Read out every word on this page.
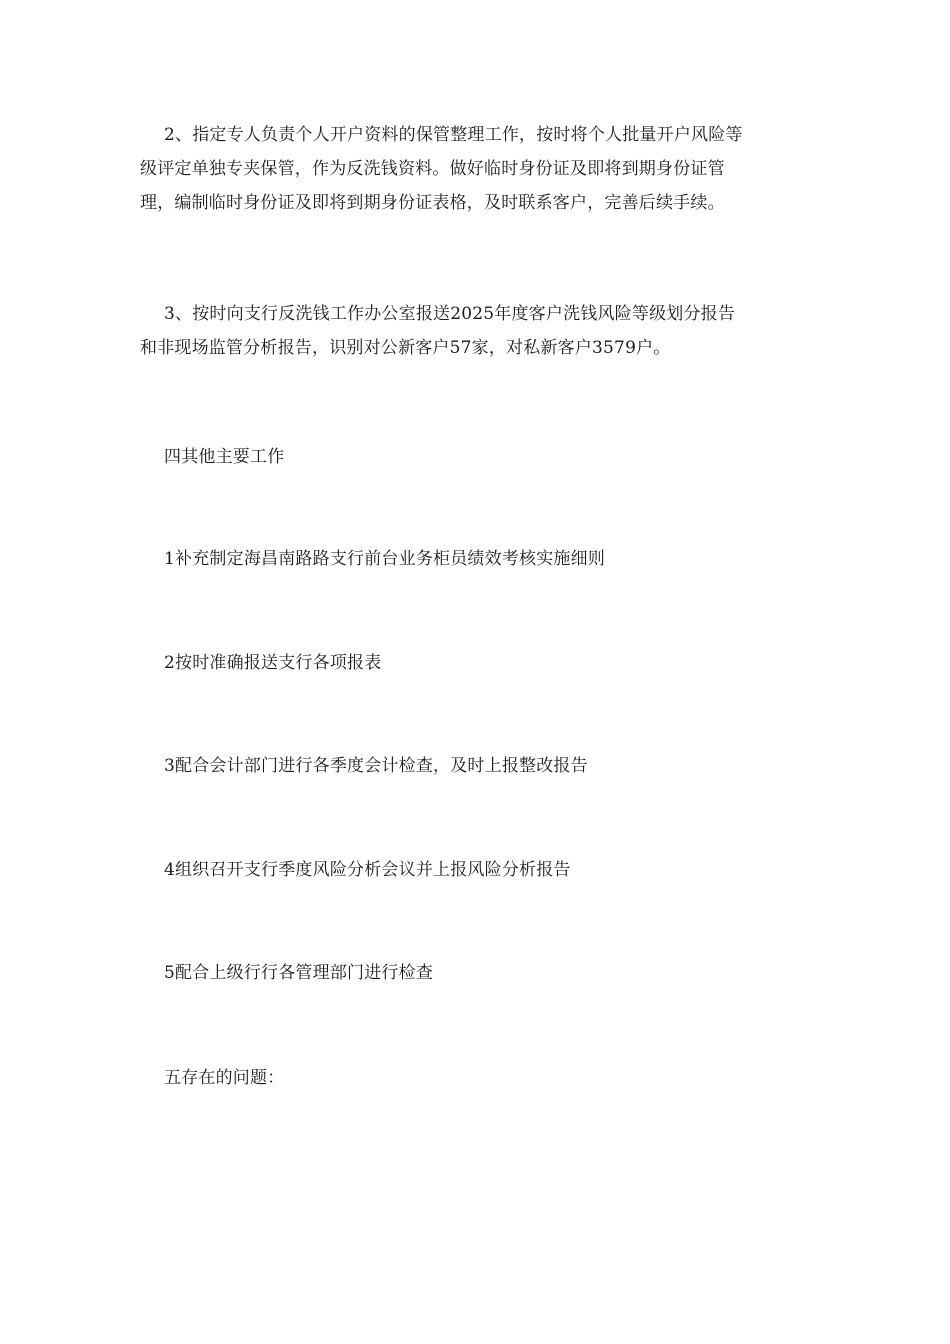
2、指定专人负责个人开户资料的保管整理工作，按时将个人批量开户风险等
级评定单独专夹保管，作为反洗钱资料。做好临时身份证及即将到期身份证管
理，编制临时身份证及即将到期身份证表格，及时联系客户，完善后续手续。
3、按时向支行反洗钱工作办公室报送2025年度客户洗钱风险等级划分报告
和非现场监管分析报告，识别对公新客户57家，对私新客户3579户。
四其他主要工作
1补充制定海昌南路路支行前台业务柜员绩效考核实施细则
2按时准确报送支行各项报表
3配合会计部门进行各季度会计检查，及时上报整改报告
4组织召开支行季度风险分析会议并上报风险分析报告
5配合上级行行各管理部门进行检查
五存在的问题：
